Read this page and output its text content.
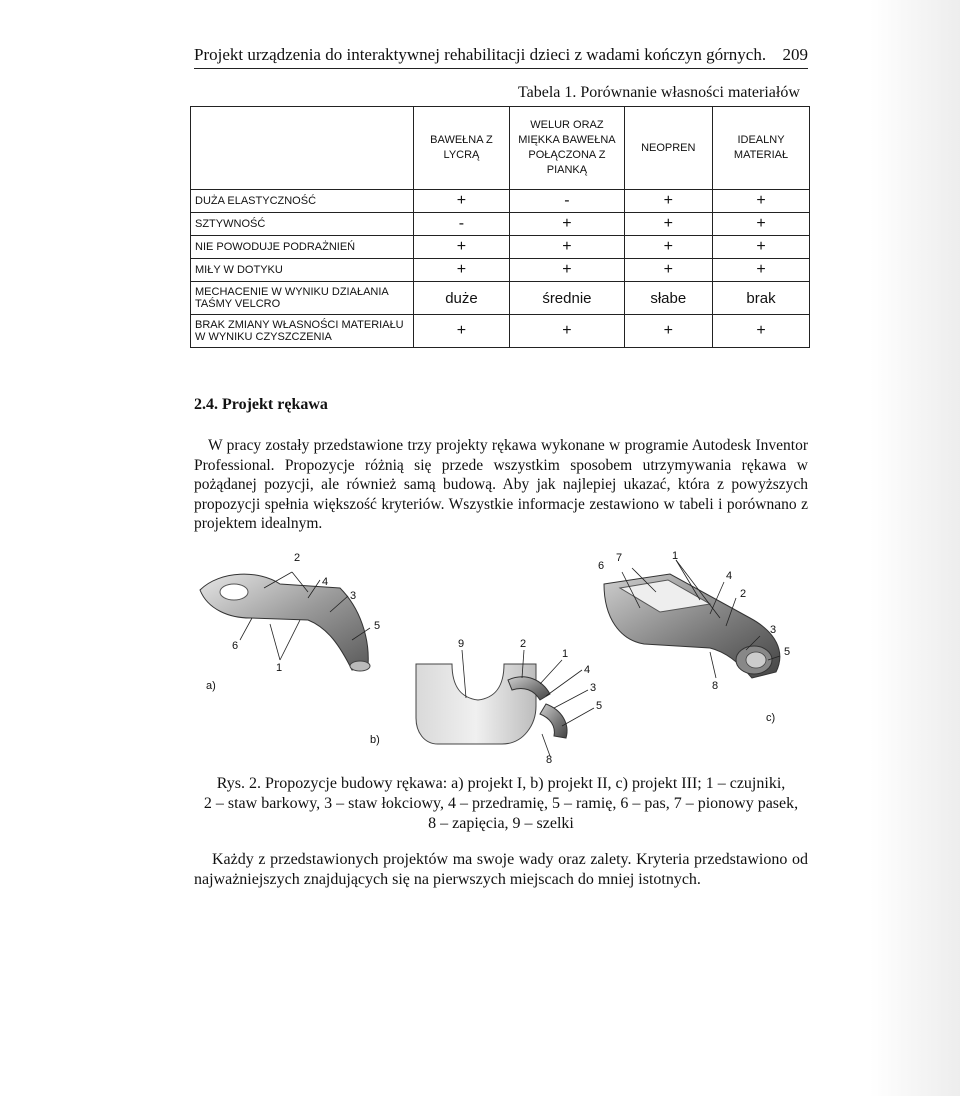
Projekt urządzenia do interaktywnej rehabilitacji dzieci z wadami kończyn górnych. 209
Tabela 1. Porównanie własności materiałów
	BAWEŁNA Z LYCRĄ	WELUR ORAZ MIĘKKA BAWEŁNA POŁĄCZONA Z PIANKĄ	NEOPREN	IDEALNY MATERIAŁ
DUŻA ELASTYCZNOŚĆ	+	-	+	+
SZTYWNOŚĆ	-	+	+	+
NIE POWODUJE PODRAŻNIEŃ	+	+	+	+
MIŁY W DOTYKU	+	+	+	+
MECHACENIE W WYNIKU DZIAŁANIA TAŚMY VELCRO	duże	średnie	słabe	brak
BRAK ZMIANY WŁASNOŚCI MATERIAŁU W WYNIKU CZYSZCZENIA	+	+	+	+
2.4. Projekt rękawa

W pracy zostały przedstawione trzy projekty rękawa wykonane w programie Autodesk Inventor Professional. Propozycje różnią się przede wszystkim sposobem utrzymywania rękawa w pożądanej pozycji, ale również samą budową. Aby jak najlepiej ukazać, która z powyższych propozycji spełnia większość kryteriów. Wszystkie informacje zestawiono w tabeli i porównano z projektem idealnym.

2
4
3
5
6
1
a)
9	2
1
4
3
5
8
b)
6
7	1
4
2
3
5
8
c)
Rys. 2. Propozycje budowy rękawa: a) projekt I, b) projekt II, c) projekt III; 1 – czujniki,
2 – staw barkowy, 3 – staw łokciowy, 4 – przedramię, 5 – ramię, 6 – pas, 7 – pionowy pasek,
8 – zapięcia, 9 – szelki

Każdy z przedstawionych projektów ma swoje wady oraz zalety. Kryteria przedstawiono od najważniejszych znajdujących się na pierwszych miejscach do mniej istotnych.
